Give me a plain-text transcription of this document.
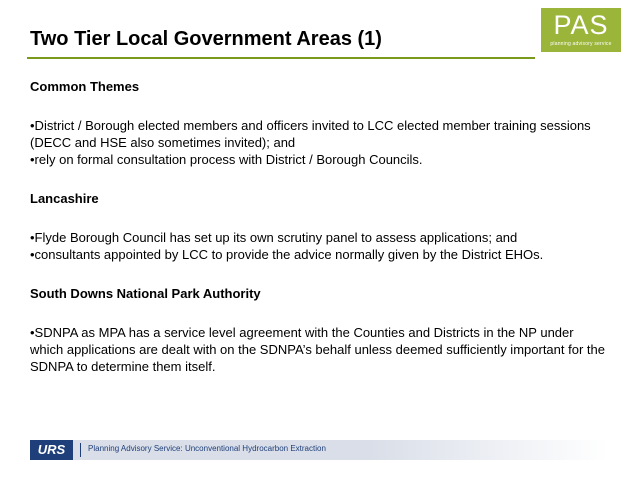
Two Tier Local Government Areas (1)	PAS
planning advisory service

Common Themes

•District / Borough elected members and officers invited to LCC elected member training sessions (DECC and HSE also sometimes invited); and

•rely on formal consultation process with District / Borough Councils.

Lancashire

•Flyde Borough Council has set up its own scrutiny panel to assess applications; and

•consultants appointed by LCC to provide the advice normally given by the District EHOs.

South Downs National Park Authority

•SDNPA as MPA has a service level agreement with the Counties and Districts in the NP under which applications are dealt with on the SDNPA’s behalf unless deemed sufficiently important for the SDNPA to determine them itself.

URS	Planning Advisory Service: Unconventional Hydrocarbon Extraction
